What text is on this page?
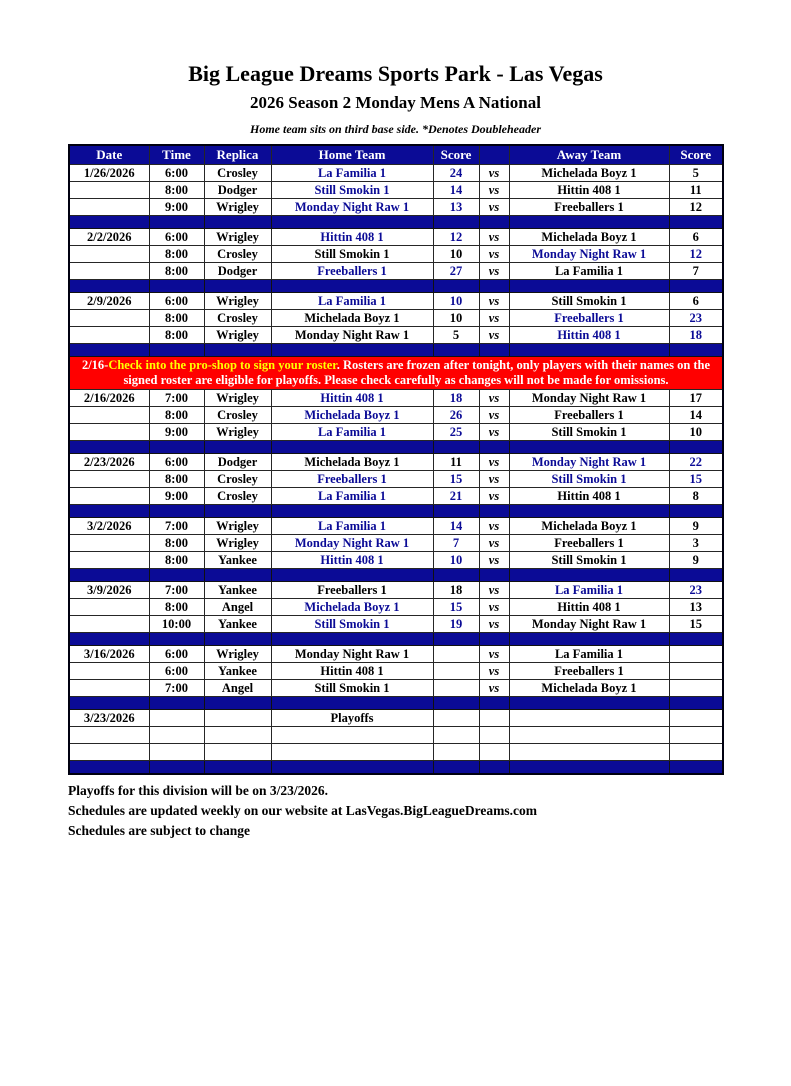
Big League Dreams Sports Park - Las Vegas
2026 Season 2 Monday Mens A National
Home team sits on third base side. *Denotes Doubleheader
Date	Time	Replica	Home Team	Score		Away Team	Score
1/26/2026	6:00	Crosley	La Familia 1	24	vs	Michelada Boyz 1	5
	8:00	Dodger	Still Smokin 1	14	vs	Hittin 408 1	11
	9:00	Wrigley	Monday Night Raw 1	13	vs	Freeballers 1	12

2/2/2026	6:00	Wrigley	Hittin 408 1	12	vs	Michelada Boyz 1	6
	8:00	Crosley	Still Smokin 1	10	vs	Monday Night Raw 1	12
	8:00	Dodger	Freeballers 1	27	vs	La Familia 1	7

2/9/2026	6:00	Wrigley	La Familia 1	10	vs	Still Smokin 1	6
	8:00	Crosley	Michelada Boyz 1	10	vs	Freeballers 1	23
	8:00	Wrigley	Monday Night Raw 1	5	vs	Hittin 408 1	18

2/16-Check into the pro-shop to sign your roster. Rosters are frozen after tonight, only players with their names on the signed roster are eligible for playoffs. Please check carefully as changes will not be made for omissions.							
2/16/2026	7:00	Wrigley	Hittin 408 1	18	vs	Monday Night Raw 1	17
	8:00	Crosley	Michelada Boyz 1	26	vs	Freeballers 1	14
	9:00	Wrigley	La Familia 1	25	vs	Still Smokin 1	10

2/23/2026	6:00	Dodger	Michelada Boyz 1	11	vs	Monday Night Raw 1	22
	8:00	Crosley	Freeballers 1	15	vs	Still Smokin 1	15
	9:00	Crosley	La Familia 1	21	vs	Hittin 408 1	8

3/2/2026	7:00	Wrigley	La Familia 1	14	vs	Michelada Boyz 1	9
	8:00	Wrigley	Monday Night Raw 1	7	vs	Freeballers 1	3
	8:00	Yankee	Hittin 408 1	10	vs	Still Smokin 1	9

3/9/2026	7:00	Yankee	Freeballers 1	18	vs	La Familia 1	23
	8:00	Angel	Michelada Boyz 1	15	vs	Hittin 408 1	13
	10:00	Yankee	Still Smokin 1	19	vs	Monday Night Raw 1	15

3/16/2026	6:00	Wrigley	Monday Night Raw 1		vs	La Familia 1	
	6:00	Yankee	Hittin 408 1		vs	Freeballers 1	
	7:00	Angel	Still Smokin 1		vs	Michelada Boyz 1	

3/23/2026			Playoffs				

Playoffs for this division will be on 3/23/2026.
Schedules are updated weekly on our website at LasVegas.BigLeagueDreams.com
Schedules are subject to change
